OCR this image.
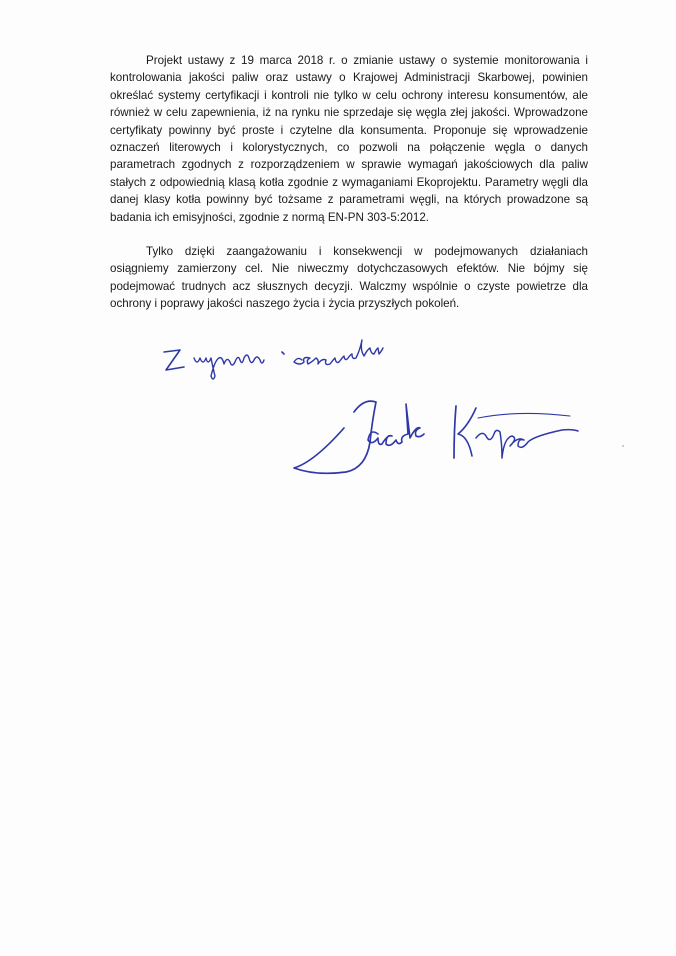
Projekt ustawy z 19 marca 2018 r. o zmianie ustawy o systemie monitorowania i kontrolowania jakości paliw oraz ustawy o Krajowej Administracji Skarbowej, powinien określać systemy certyfikacji i kontroli nie tylko w celu ochrony interesu konsumentów, ale również w celu zapewnienia, iż na rynku nie sprzedaje się węgla złej jakości. Wprowadzone certyfikaty powinny być proste i czytelne dla konsumenta. Proponuje się wprowadzenie oznaczeń literowych i kolorystycznych, co pozwoli na połączenie węgla o danych parametrach zgodnych z rozporządzeniem w sprawie wymagań jakościowych dla paliw stałych z odpowiednią klasą kotła zgodnie z wymaganiami Ekoprojektu. Parametry węgli dla danej klasy kotła powinny być tożsame z parametrami węgli, na których prowadzone są badania ich emisyjności, zgodnie z normą EN-PN 303-5:2012.

Tylko dzięki zaangażowaniu i konsekwencji w podejmowanych działaniach osiągniemy zamierzony cel. Nie niweczmy dotychczasowych efektów. Nie bójmy się podejmować trudnych acz słusznych decyzji. Walczmy wspólnie o czyste powietrze dla ochrony i poprawy jakości naszego życia i życia przyszłych pokoleń.
